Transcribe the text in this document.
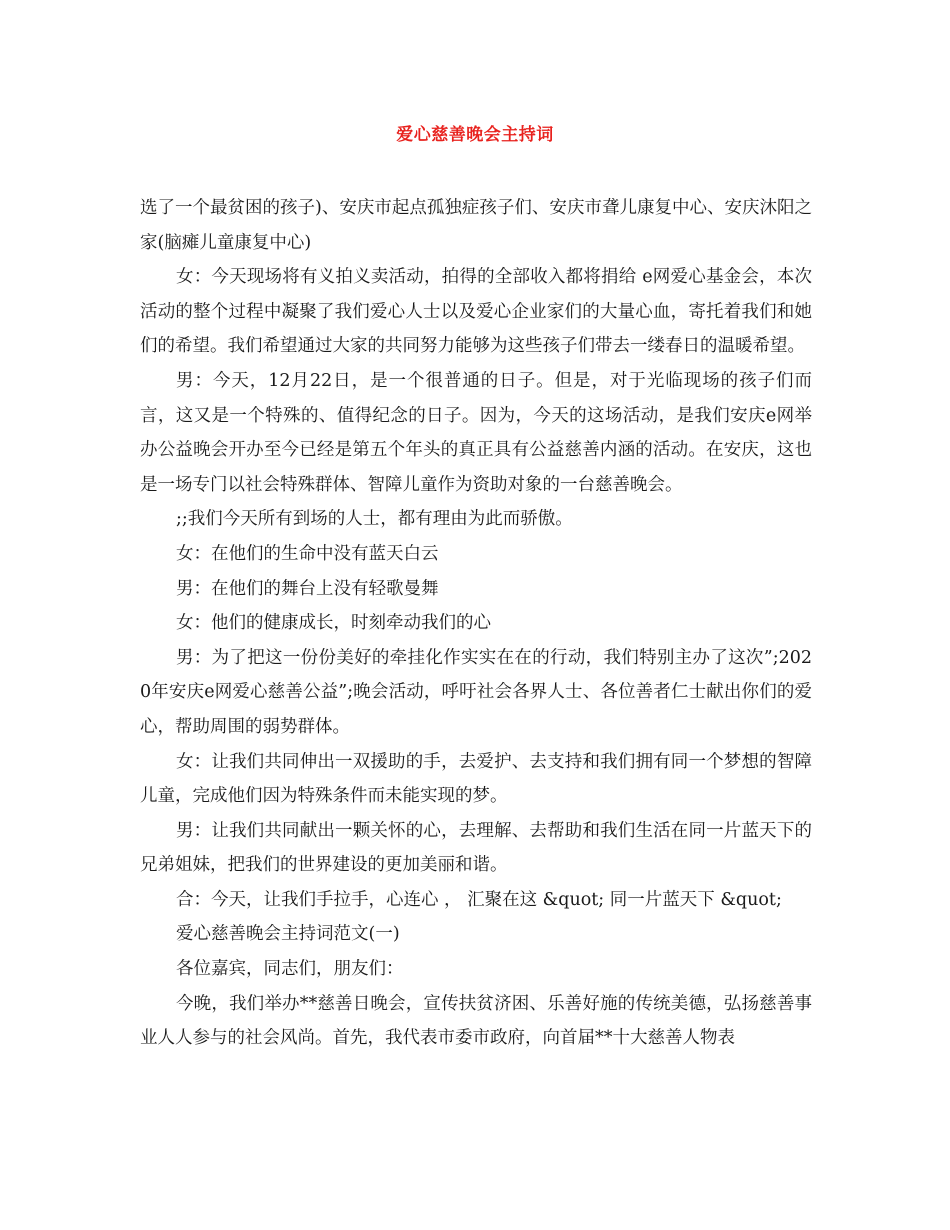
爱心慈善晚会主持词

选了一个最贫困的孩子)、安庆市起点孤独症孩子们、安庆市聋儿康复中心、安庆沐阳之家(脑瘫儿童康复中心)

女：今天现场将有义拍义卖活动，拍得的全部收入都将捐给 e网爱心基金会，本次活动的整个过程中凝聚了我们爱心人士以及爱心企业家们的大量心血，寄托着我们和她们的希望。我们希望通过大家的共同努力能够为这些孩子们带去一缕春日的温暖希望。

男：今天，12月22日，是一个很普通的日子。但是，对于光临现场的孩子们而言，这又是一个特殊的、值得纪念的日子。因为，今天的这场活动，是我们安庆e网举办公益晚会开办至今已经是第五个年头的真正具有公益慈善内涵的活动。在安庆，这也是一场专门以社会特殊群体、智障儿童作为资助对象的一台慈善晚会。

;;我们今天所有到场的人士，都有理由为此而骄傲。

女：在他们的生命中没有蓝天白云

男：在他们的舞台上没有轻歌曼舞

女：他们的健康成长，时刻牵动我们的心

男：为了把这一份份美好的牵挂化作实实在在的行动，我们特别主办了这次”;2020年安庆e网爱心慈善公益”;晚会活动，呼吁社会各界人士、各位善者仁士献出你们的爱心，帮助周围的弱势群体。

女：让我们共同伸出一双援助的手，去爱护、去支持和我们拥有同一个梦想的智障儿童，完成他们因为特殊条件而未能实现的梦。

男：让我们共同献出一颗关怀的心，去理解、去帮助和我们生活在同一片蓝天下的兄弟姐妹，把我们的世界建设的更加美丽和谐。

合：今天，让我们手拉手，心连心 ， 汇聚在这 &quot; 同一片蓝天下 &quot;

爱心慈善晚会主持词范文(一)

各位嘉宾，同志们，朋友们：

今晚，我们举办**慈善日晚会，宣传扶贫济困、乐善好施的传统美德，弘扬慈善事业人人参与的社会风尚。首先，我代表市委市政府，向首届**十大慈善人物表
